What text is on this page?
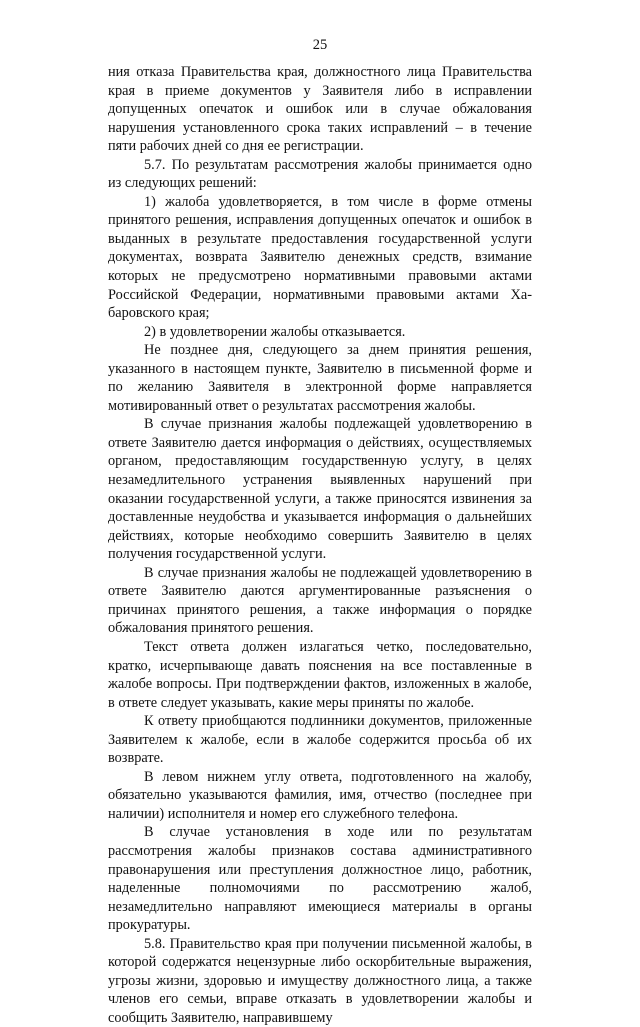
25

ния отказа Правительства края, должностного лица Правительства края в приеме документов у Заявителя либо в исправлении допущенных опечаток и ошибок или в случае обжалования нарушения установленного срока таких исправлений – в течение пяти рабочих дней со дня ее регистрации.

5.7. По результатам рассмотрения жалобы принимается одно из следующих решений:

1) жалоба удовлетворяется, в том числе в форме отмены принятого решения, исправления допущенных опечаток и ошибок в выданных в результате предоставления государственной услуги документах, возврата Заявителю денежных средств, взимание которых не предусмотрено нормативными правовыми актами Российской Федерации, нормативными правовыми актами Хабаровского края;

2) в удовлетворении жалобы отказывается.

Не позднее дня, следующего за днем принятия решения, указанного в настоящем пункте, Заявителю в письменной форме и по желанию Заявителя в электронной форме направляется мотивированный ответ о результатах рассмотрения жалобы.

В случае признания жалобы подлежащей удовлетворению в ответе Заявителю дается информация о действиях, осуществляемых органом, предоставляющим государственную услугу, в целях незамедлительного устранения выявленных нарушений при оказании государственной услуги, а также приносятся извинения за доставленные неудобства и указывается информация о дальнейших действиях, которые необходимо совершить Заявителю в целях получения государственной услуги.

В случае признания жалобы не подлежащей удовлетворению в ответе Заявителю даются аргументированные разъяснения о причинах принятого решения, а также информация о порядке обжалования принятого решения.

Текст ответа должен излагаться четко, последовательно, кратко, исчерпывающе давать пояснения на все поставленные в жалобе вопросы. При подтверждении фактов, изложенных в жалобе, в ответе следует указывать, какие меры приняты по жалобе.

К ответу приобщаются подлинники документов, приложенные Заявителем к жалобе, если в жалобе содержится просьба об их возврате.

В левом нижнем углу ответа, подготовленного на жалобу, обязательно указываются фамилия, имя, отчество (последнее при наличии) исполнителя и номер его служебного телефона.

В случае установления в ходе или по результатам рассмотрения жалобы признаков состава административного правонарушения или преступления должностное лицо, работник, наделенные полномочиями по рассмотрению жалоб, незамедлительно направляют имеющиеся материалы в органы прокуратуры.

5.8. Правительство края при получении письменной жалобы, в которой содержатся нецензурные либо оскорбительные выражения, угрозы жизни, здоровью и имуществу должностного лица, а также членов его семьи, вправе отказать в удовлетворении жалобы и сообщить Заявителю, направившему
